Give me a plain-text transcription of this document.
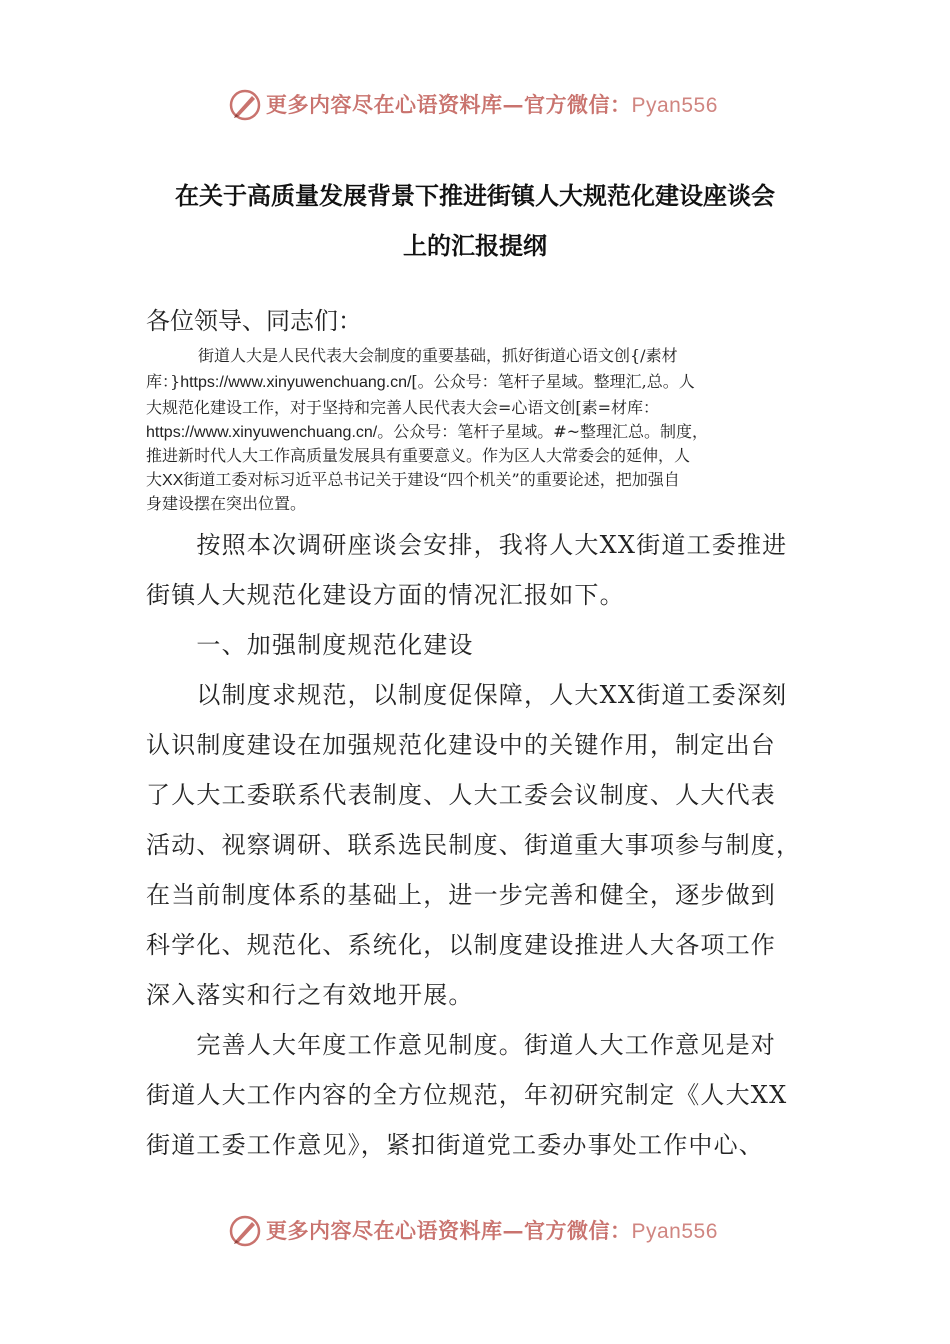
更多内容尽在心语资料库—官方微信：Pyan556
在关于高质量发展背景下推进街镇人大规范化建设座谈会
上的汇报提纲
各位领导、同志们：
街道人大是人民代表大会制度的重要基础，抓好街道心语文创{/素材
库：}https://www.xinyuwenchuang.cn/[。公众号：笔杆子星域。整理汇,总。人
大规范化建设工作，对于坚持和完善人民代表大会=心语文创[素=材库：
https://www.xinyuwenchuang.cn/。公众号：笔杆子星域。#~整理汇总。制度，
推进新时代人大工作高质量发展具有重要意义。作为区人大常委会的延伸，人
大XX街道工委对标习近平总书记关于建设“四个机关”的重要论述，把加强自
身建设摆在突出位置。
　　按照本次调研座谈会安排，我将人大XX街道工委推进
街镇人大规范化建设方面的情况汇报如下。
　　一、加强制度规范化建设
　　以制度求规范，以制度促保障，人大XX街道工委深刻
认识制度建设在加强规范化建设中的关键作用，制定出台
了人大工委联系代表制度、人大工委会议制度、人大代表
活动、视察调研、联系选民制度、街道重大事项参与制度，
在当前制度体系的基础上，进一步完善和健全，逐步做到
科学化、规范化、系统化，以制度建设推进人大各项工作
深入落实和行之有效地开展。
　　完善人大年度工作意见制度。街道人大工作意见是对
街道人大工作内容的全方位规范，年初研究制定《人大XX
街道工委工作意见》，紧扣街道党工委办事处工作中心、
更多内容尽在心语资料库—官方微信：Pyan556
